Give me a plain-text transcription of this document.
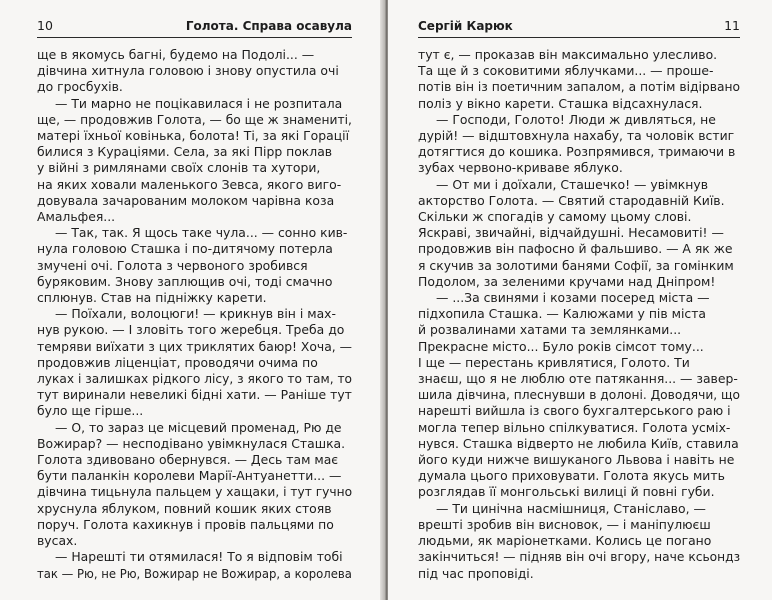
10	Голота. Справа осавула
ще в якомусь багні, будемо на Подолі... —
дівчина хитнула головою і знову опустила очі
до гросбухів.
— Ти марно не поцікавилася і не розпитала
ще, — продовжив Голота, — бо ще ж знамениті,
матері їхньої ковінька, болота! Ті, за які Горації
билися з Кураціями. Села, за які Пірр поклав
у війні з римлянами своїх слонів та хутори,
на яких ховали маленького Зевса, якого виго-
довувала зачарованим молоком чарівна коза
Амальфея...
— Так, так. Я щось таке чула... — сонно кив-
нула головою Сташка і по-дитячому потерла
змучені очі. Голота з червоного зробився
буряковим. Знову заплющив очі, тоді смачно
сплюнув. Став на підніжку карети.
— Поїхали, волоцюги! — крикнув він і мах-
нув рукою. — І зловіть того жеребця. Треба до
темряви виїхати з цих триклятих баюр! Хоча, —
продовжив ліценціат, проводячи очима по
луках і залишках рідкого лісу, з якого то там, то
тут виринали невеликі бідні хати. — Раніше тут
було ще гірше...
— О, то зараз це місцевий променад, Рю де
Вожирар? — несподівано увімкнулася Сташка.
Голота здивовано обернувся. — Десь там має
бути паланкін королеви Марії-Антуанетти... —
дівчина тицьнула пальцем у хащаки, і тут гучно
хруснула яблуком, повний кошик яких стояв
поруч. Голота кахикнув і провів пальцями по
вусах.
— Нарешті ти отямилася! То я відповім тобі
так — Рю, не Рю, Вожирар не Вожирар, а королева
Сергій Карюк	11
тут є, — проказав він максимально улесливо.
Та ще й з соковитими яблучками... — проше-
потів він із поетичним запалом, а потім відірвано
поліз у вікно карети. Сташка відсахнулася.
— Господи, Голото! Люди ж дивляться, не
дурій! — відштовхнула нахабу, та чоловік встиг
дотягтися до кошика. Розпрямився, тримаючи в
зубах червоно-криваве яблуко.
— От ми і доїхали, Сташечко! — увімкнув
акторство Голота. — Святий стародавній Київ.
Скільки ж спогадів у самому цьому слові.
Яскраві, звичайні, відчайдушні. Несамовиті! —
продовжив він пафосно й фальшиво. — А як же
я скучив за золотими банями Софії, за гомінким
Подолом, за зеленими кручами над Дніпром!
— ...За свинями і козами посеред міста —
підхопила Сташка. — Калюжами у пів міста
й розвалинами хатами та землянками...
Прекрасне місто... Було років сімсот тому...
І ще — перестань кривлятися, Голото. Ти
знаєш, що я не люблю оте патякання... — завер-
шила дівчина, плеснувши в долоні. Доводячи, що
нарешті вийшла із свого бухгалтерського раю і
могла тепер вільно спілкуватися. Голота усміх-
нувся. Сташка відверто не любила Київ, ставила
його куди нижче вишуканого Львова і навіть не
думала цього приховувати. Голота якусь мить
розглядав її монгольські вилиці й повні губи.
— Ти цинічна насмішниця, Станіславо, —
врешті зробив він висновок, — і маніпулюєш
людьми, як маріонетками. Колись це погано
закінчиться! — підняв він очі вгору, наче ксьондз
під час проповіді.
